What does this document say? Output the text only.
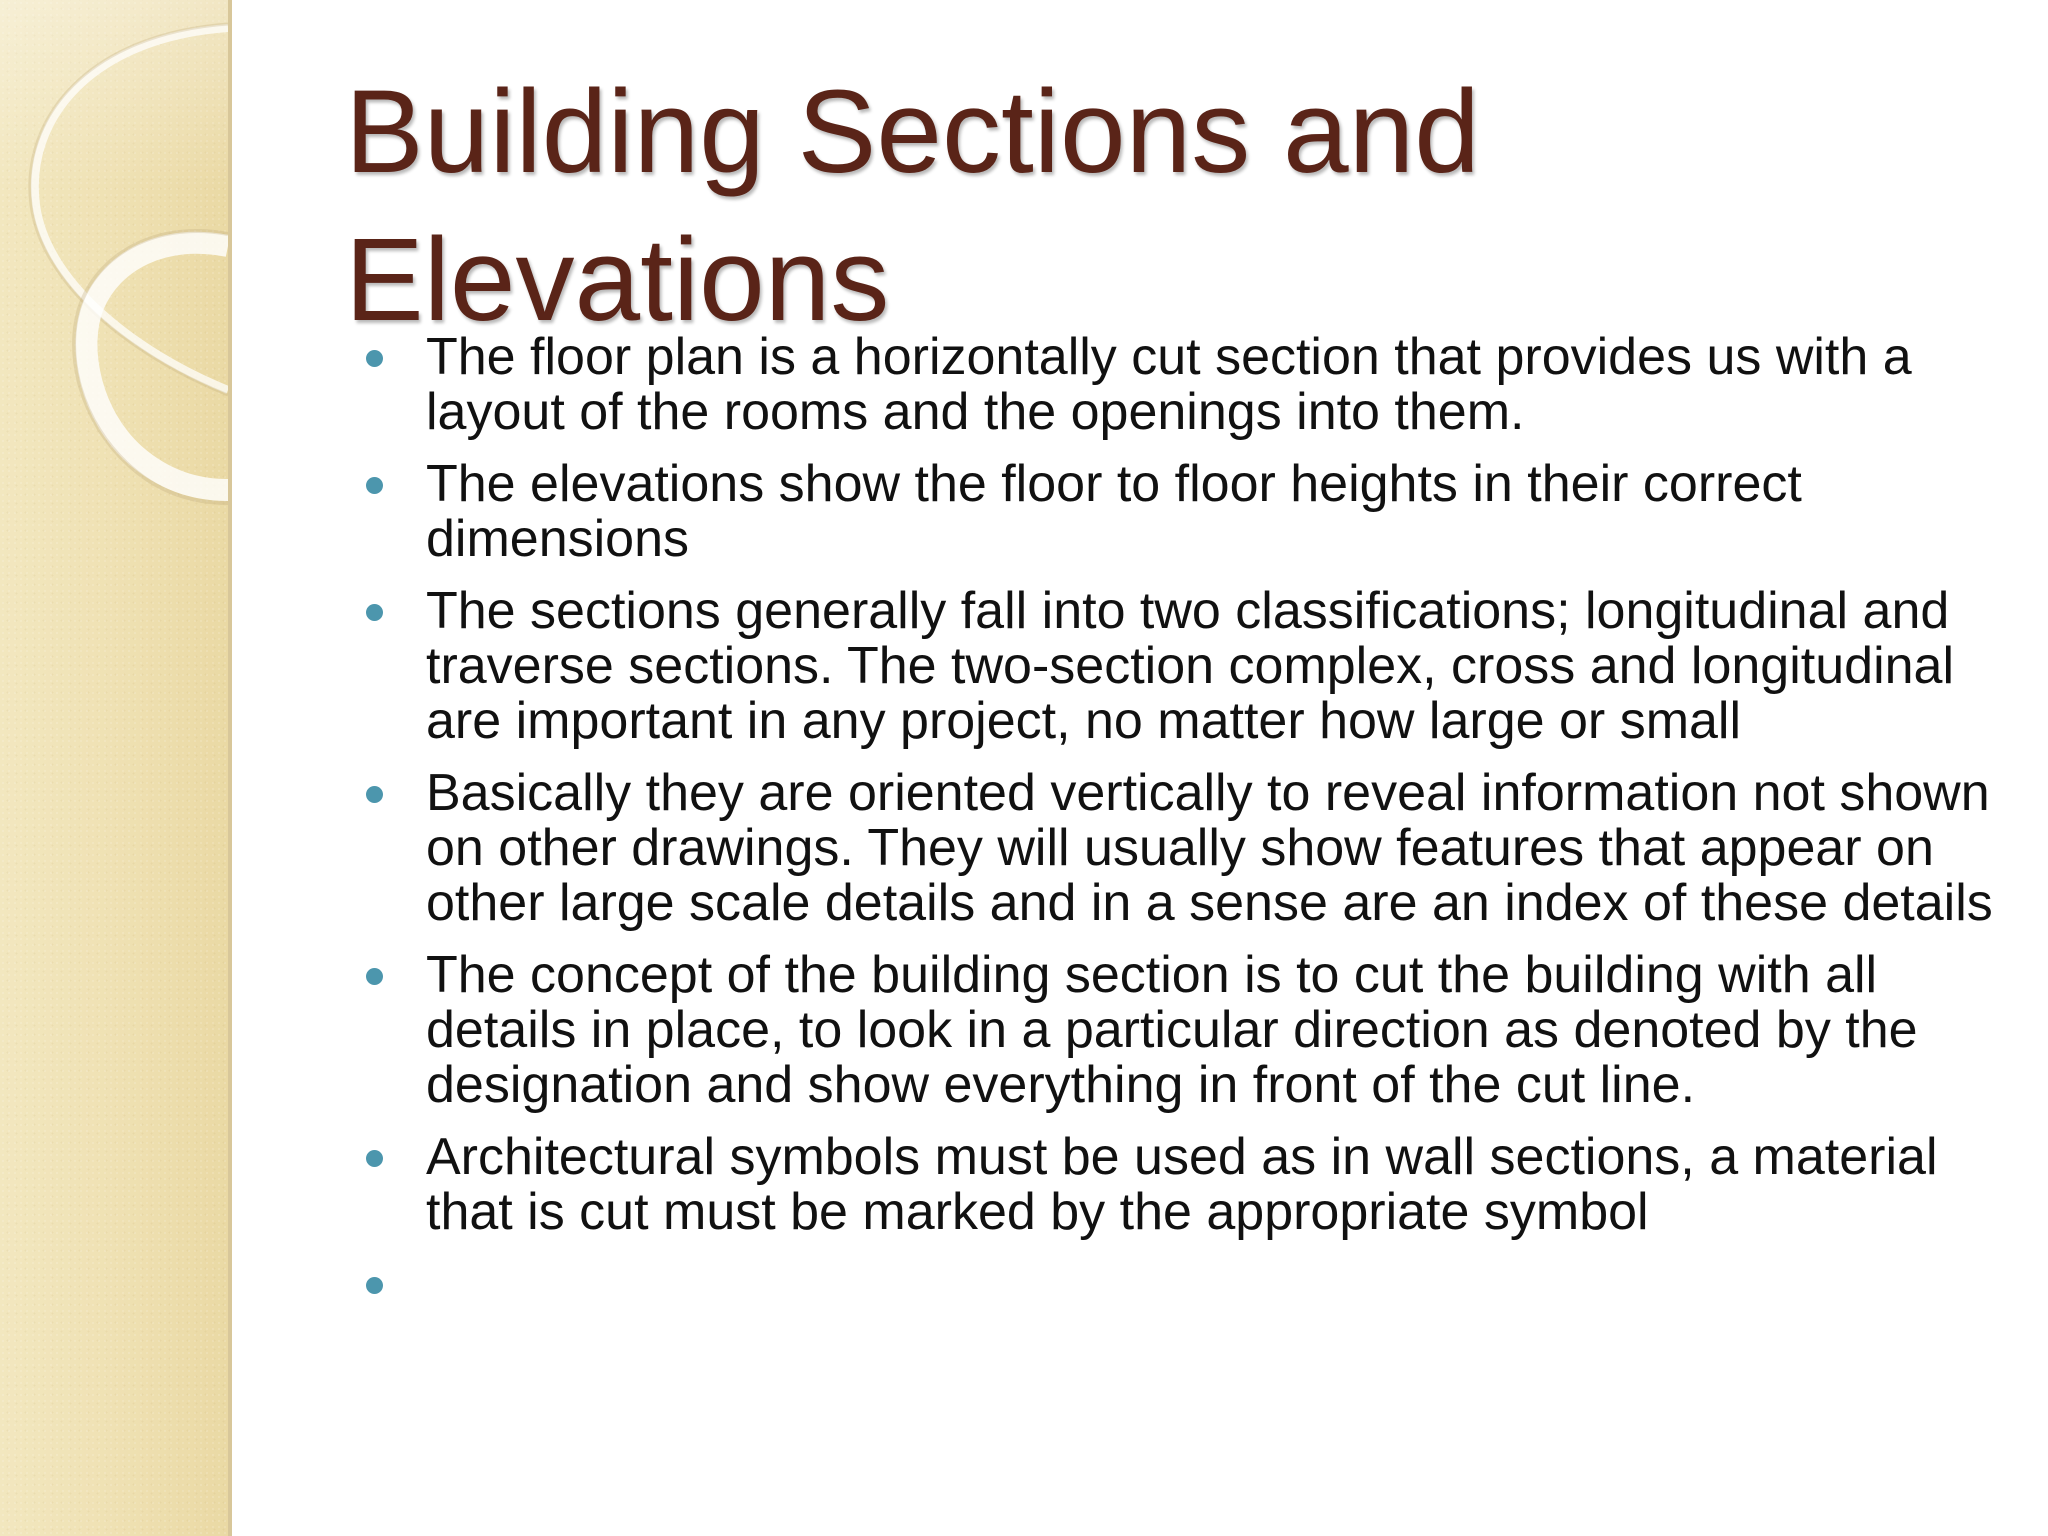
Building Sections and Elevations
The floor plan is a horizontally cut section that provides us with a layout of the rooms and the openings into them.
The elevations show the floor to floor heights in their correct dimensions
The sections generally fall into two classifications; longitudinal and traverse sections. The two-section complex, cross and longitudinal are important in any project, no matter how large or small
Basically they are oriented vertically to reveal information not shown on other drawings. They will usually show features that appear on other large scale details and in a sense are an index of these details
The concept of the building section is to cut the building with all details in place, to look in a particular direction as denoted by the designation and show everything in front of the cut line.
Architectural symbols must be used as in wall sections, a material that is cut must be marked by the appropriate symbol
